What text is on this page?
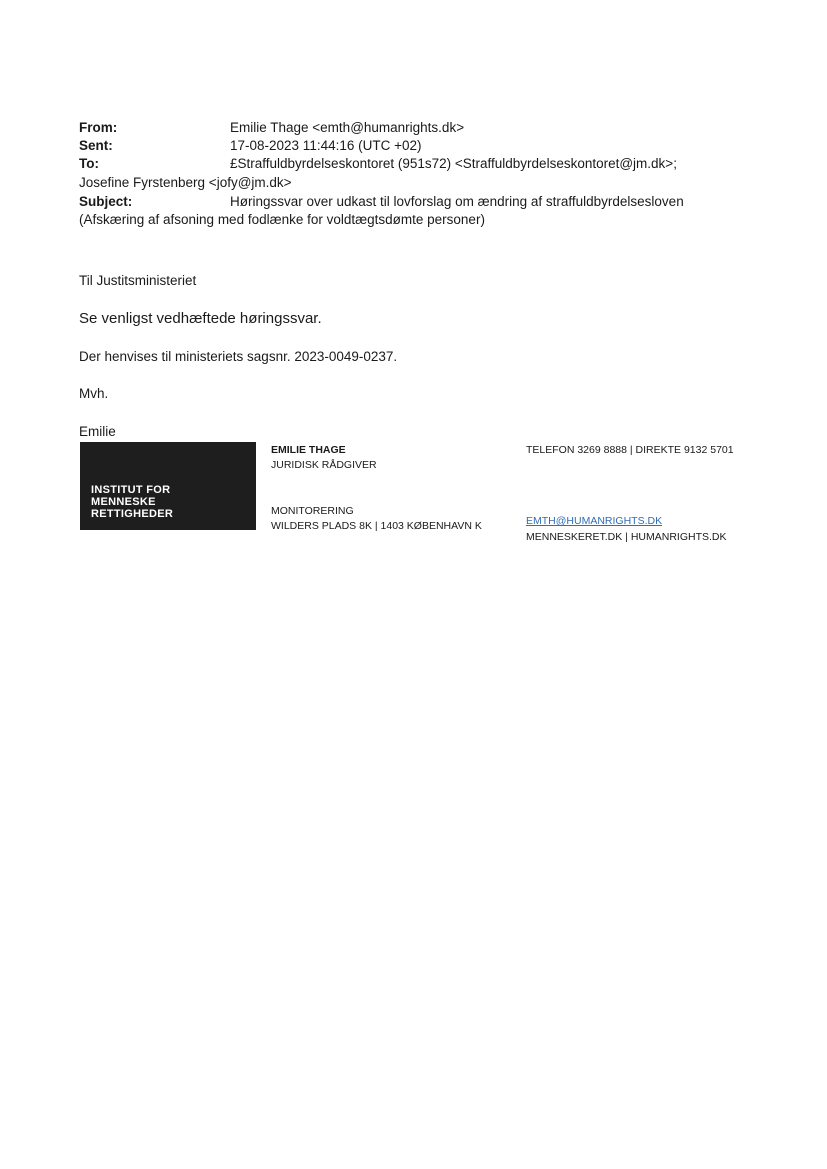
From:	Emilie Thage <emth@humanrights.dk>
Sent:	17-08-2023 11:44:16 (UTC +02)
To:	£Straffuldbyrdelseskontoret (951s72) <Straffuldbyrdelseskontoret@jm.dk>;
Josefine Fyrstenberg <jofy@jm.dk>
Subject:	Høringssvar over udkast til lovforslag om ændring af straffuldbyrdelsesloven
(Afskæring af afsoning med fodlænke for voldtægtsdømte personer)
Til Justitsministeriet
Se venligst vedhæftede høringssvar.
Der henvises til ministeriets sagsnr. 2023-0049-0237.
Mvh.
Emilie
INSTITUT FOR
MENNESKE
RETTIGHEDER
EMILIE THAGE
JURIDISK RÅDGIVER
MONITORERING
WILDERS PLADS 8K | 1403 KØBENHAVN K
TELEFON 3269 8888 | DIREKTE 9132 5701
EMTH@HUMANRIGHTS.DK
MENNESKERET.DK | HUMANRIGHTS.DK
